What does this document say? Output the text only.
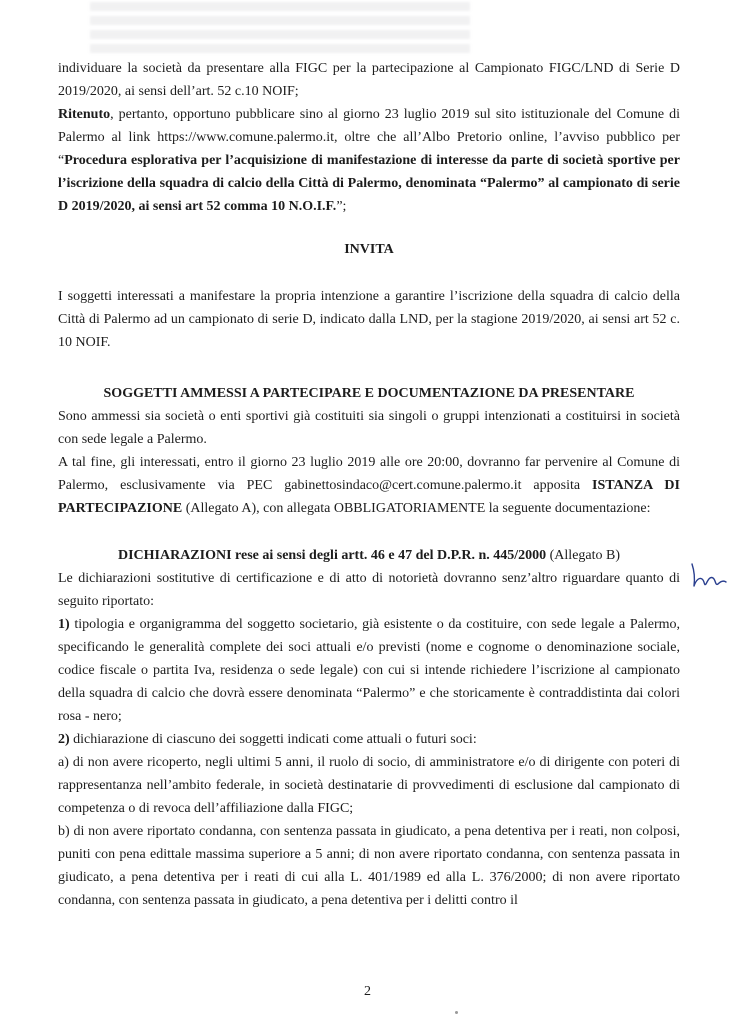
individuare la società da presentare alla FIGC per la partecipazione al Campionato FIGC/LND di Serie D 2019/2020, ai sensi dell’art. 52 c.10 NOIF;

Ritenuto, pertanto, opportuno pubblicare sino al giorno 23 luglio 2019 sul sito istituzionale del Comune di Palermo al link https://www.comune.palermo.it, oltre che all’Albo Pretorio online, l’avviso pubblico per “Procedura esplorativa per l’acquisizione di manifestazione di interesse da parte di società sportive per l’iscrizione della squadra di calcio della Città di Palermo, denominata “Palermo” al campionato di serie D 2019/2020, ai sensi art 52 comma 10 N.O.I.F.”;

INVITA

I soggetti interessati a manifestare la propria intenzione a garantire l’iscrizione della squadra di calcio della Città di Palermo ad un campionato di serie D, indicato dalla LND, per la stagione 2019/2020, ai sensi art 52 c. 10 NOIF.

SOGGETTI AMMESSI A PARTECIPARE E DOCUMENTAZIONE DA PRESENTARE

Sono ammessi sia società o enti sportivi già costituiti sia singoli o gruppi intenzionati a costituirsi in società con sede legale a Palermo.

A tal fine, gli interessati, entro il giorno 23 luglio 2019 alle ore 20:00, dovranno far pervenire al Comune di Palermo, esclusivamente via PEC gabinettosindaco@cert.comune.palermo.it apposita ISTANZA DI PARTECIPAZIONE (Allegato A), con allegata OBBLIGATORIAMENTE la seguente documentazione:

DICHIARAZIONI rese ai sensi degli artt. 46 e 47 del D.P.R. n. 445/2000 (Allegato B)

Le dichiarazioni sostitutive di certificazione e di atto di notorietà dovranno senz’altro riguardare quanto di seguito riportato:

1) tipologia e organigramma del soggetto societario, già esistente o da costituire, con sede legale a Palermo, specificando le generalità complete dei soci attuali e/o previsti (nome e cognome o denominazione sociale, codice fiscale o partita Iva, residenza o sede legale) con cui si intende richiedere l’iscrizione al campionato della squadra di calcio che dovrà essere denominata “Palermo” e che storicamente è contraddistinta dai colori rosa - nero;

2) dichiarazione di ciascuno dei soggetti indicati come attuali o futuri soci:

a) di non avere ricoperto, negli ultimi 5 anni, il ruolo di socio, di amministratore e/o di dirigente con poteri di rappresentanza nell’ambito federale, in società destinatarie di provvedimenti di esclusione dal campionato di competenza o di revoca dell’affiliazione dalla FIGC;

b) di non avere riportato condanna, con sentenza passata in giudicato, a pena detentiva per i reati, non colposi, puniti con pena edittale massima superiore a 5 anni; di non avere riportato condanna, con sentenza passata in giudicato, a pena detentiva per i reati di cui alla L. 401/1989 ed alla L. 376/2000; di non avere riportato condanna, con sentenza passata in giudicato, a pena detentiva per i delitti contro il

2
